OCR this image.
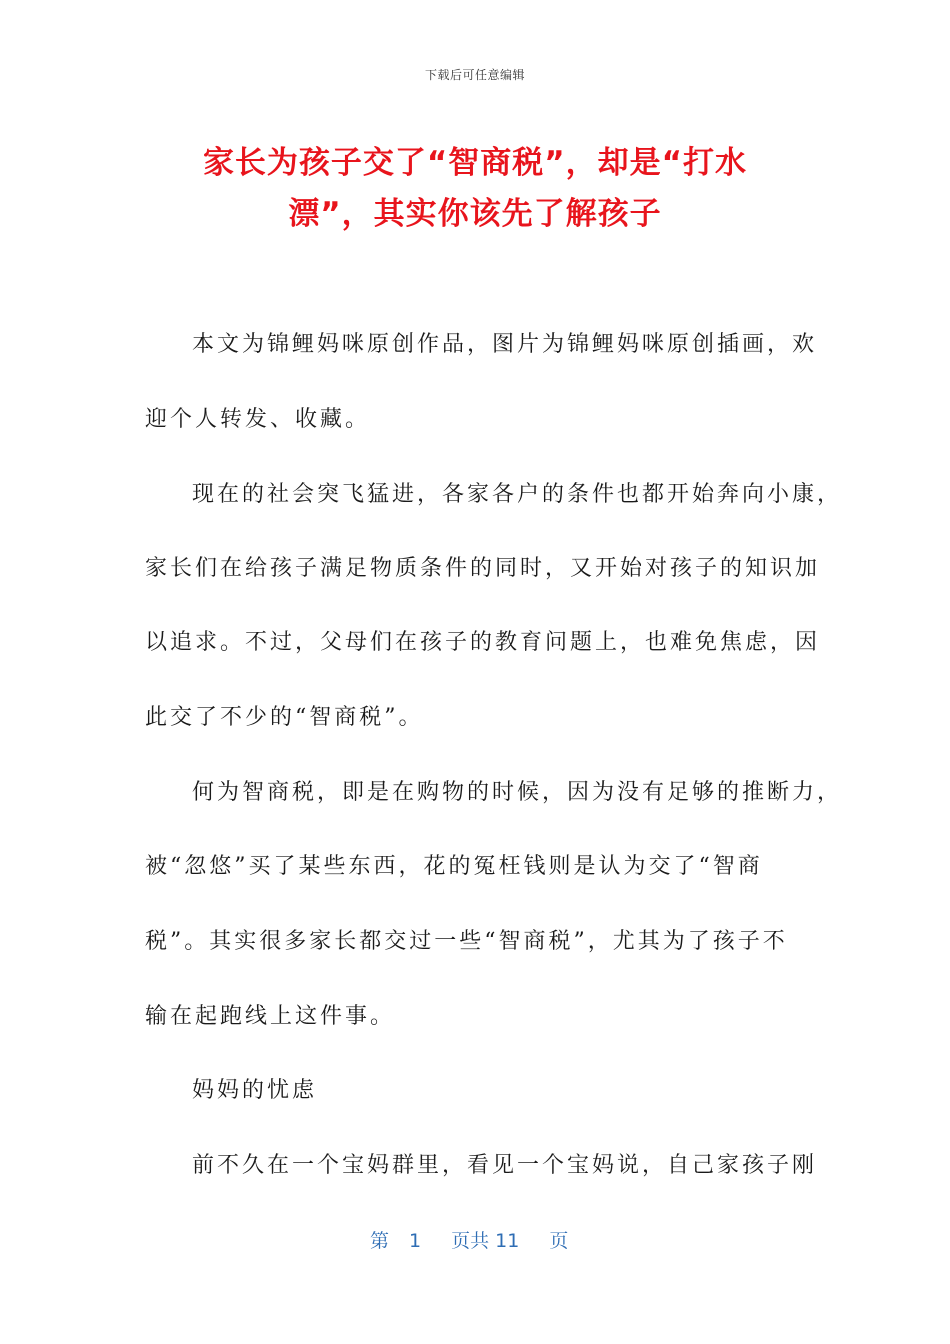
下载后可任意编辑
家长为孩子交了“智商税”，却是“打水
漂”，其实你该先了解孩子
本文为锦鲤妈咪原创作品，图片为锦鲤妈咪原创插画，欢
迎个人转发、收藏。
现在的社会突飞猛进，各家各户的条件也都开始奔向小康，
家长们在给孩子满足物质条件的同时，又开始对孩子的知识加
以追求。不过，父母们在孩子的教育问题上，也难免焦虑，因
此交了不少的“智商税”。
何为智商税，即是在购物的时候，因为没有足够的推断力，
被“忽悠”买了某些东西，花的冤枉钱则是认为交了“智商
税”。其实很多家长都交过一些“智商税”，尤其为了孩子不
输在起跑线上这件事。
妈妈的忧虑
前不久在一个宝妈群里，看见一个宝妈说，自己家孩子刚
第 1 页共 11 页
